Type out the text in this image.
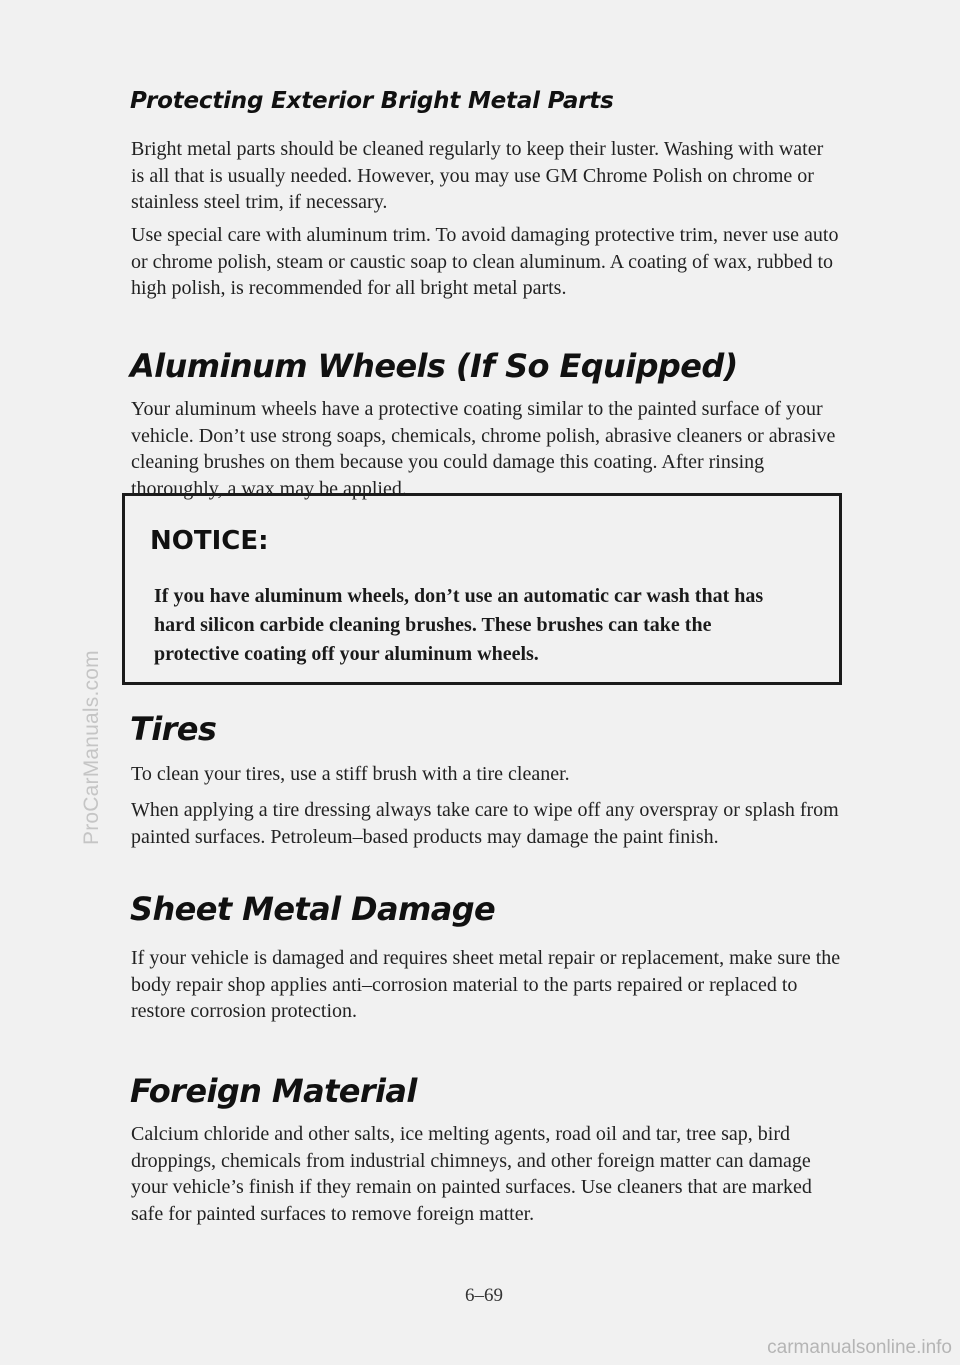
ProCarManuals.com
Protecting Exterior Bright Metal Parts

Bright metal parts should be cleaned regularly to keep their luster. Washing with water is all that is usually needed. However, you may use GM Chrome Polish on chrome or stainless steel trim, if necessary.

Use special care with aluminum trim. To avoid damaging protective trim, never use auto or chrome polish, steam or caustic soap to clean aluminum. A coating of wax, rubbed to high polish, is recommended for all bright metal parts.

Aluminum Wheels (If So Equipped)

Your aluminum wheels have a protective coating similar to the painted surface of your vehicle. Don’t use strong soaps, chemicals, chrome polish, abrasive cleaners or abrasive cleaning brushes on them because you could damage this coating. After rinsing thoroughly, a wax may be applied.

NOTICE:

If you have aluminum wheels, don’t use an automatic car wash that has hard silicon carbide cleaning brushes. These brushes can take the protective coating off your aluminum wheels.

Tires

To clean your tires, use a stiff brush with a tire cleaner.

When applying a tire dressing always take care to wipe off any overspray or splash from painted surfaces. Petroleum–based products may damage the paint finish.

Sheet Metal Damage

If your vehicle is damaged and requires sheet metal repair or replacement, make sure the body repair shop applies anti–corrosion material to the parts repaired or replaced to restore corrosion protection.

Foreign Material

Calcium chloride and other salts, ice melting agents, road oil and tar, tree sap, bird droppings, chemicals from industrial chimneys, and other foreign matter can damage your vehicle’s finish if they remain on painted surfaces. Use cleaners that are marked safe for painted surfaces to remove foreign matter.

6–69
carmanualsonline.info
